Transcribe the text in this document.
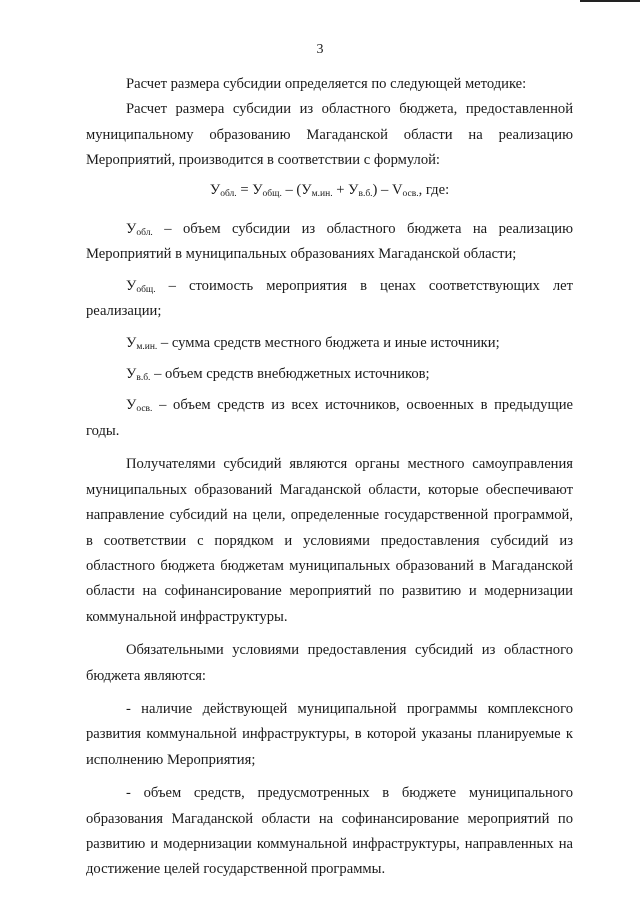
3

Расчет размера субсидии определяется по следующей методике:

Расчет размера субсидии из областного бюджета, предоставленной муниципальному образованию Магаданской области на реализацию Мероприятий, производится в соответствии с формулой:

$У_{обл.} = У_{общ.} - (У_{м.ин.} + У_{в.б.}) - V_{осв.}$, где:

$У_{обл.}$ – объем субсидии из областного бюджета на реализацию Мероприятий в муниципальных образованиях Магаданской области;

$У_{общ.}$ – стоимость мероприятия в ценах соответствующих лет реализации;

$У_{м.ин.}$ – сумма средств местного бюджета и иные источники;

$У_{в.б.}$ – объем средств внебюджетных источников;

$У_{осв.}$ – объем средств из всех источников, освоенных в предыдущие годы.

Получателями субсидий являются органы местного самоуправления муниципальных образований Магаданской области, которые обеспечивают направление субсидий на цели, определенные государственной программой, в соответствии с порядком и условиями предоставления субсидий из областного бюджета бюджетам муниципальных образований в Магаданской области на софинансирование мероприятий по развитию и модернизации коммунальной инфраструктуры.

Обязательными условиями предоставления субсидий из областного бюджета являются:

- наличие действующей муниципальной программы комплексного развития коммунальной инфраструктуры, в которой указаны планируемые к исполнению Мероприятия;

- объем средств, предусмотренных в бюджете муниципального образования Магаданской области на софинансирование мероприятий по развитию и модернизации коммунальной инфраструктуры, направленных на достижение целей государственной программы.
